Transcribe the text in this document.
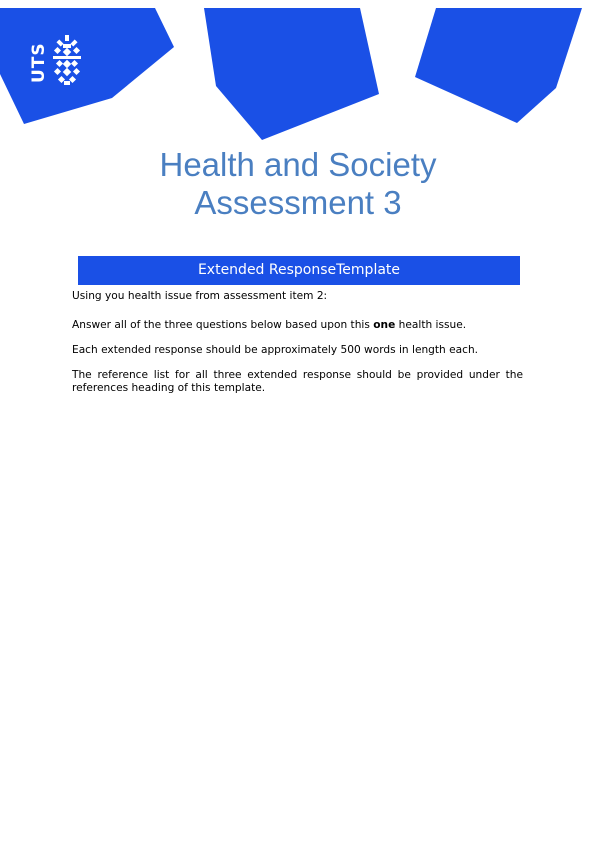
UTS
Health and Society
Assessment 3
Extended ResponseTemplate

Using you health issue from assessment item 2:

Answer all of the three questions below based upon this one health issue.

Each extended response should be approximately 500 words in length each.

The reference list for all three extended response should be provided under the references heading of this template.
